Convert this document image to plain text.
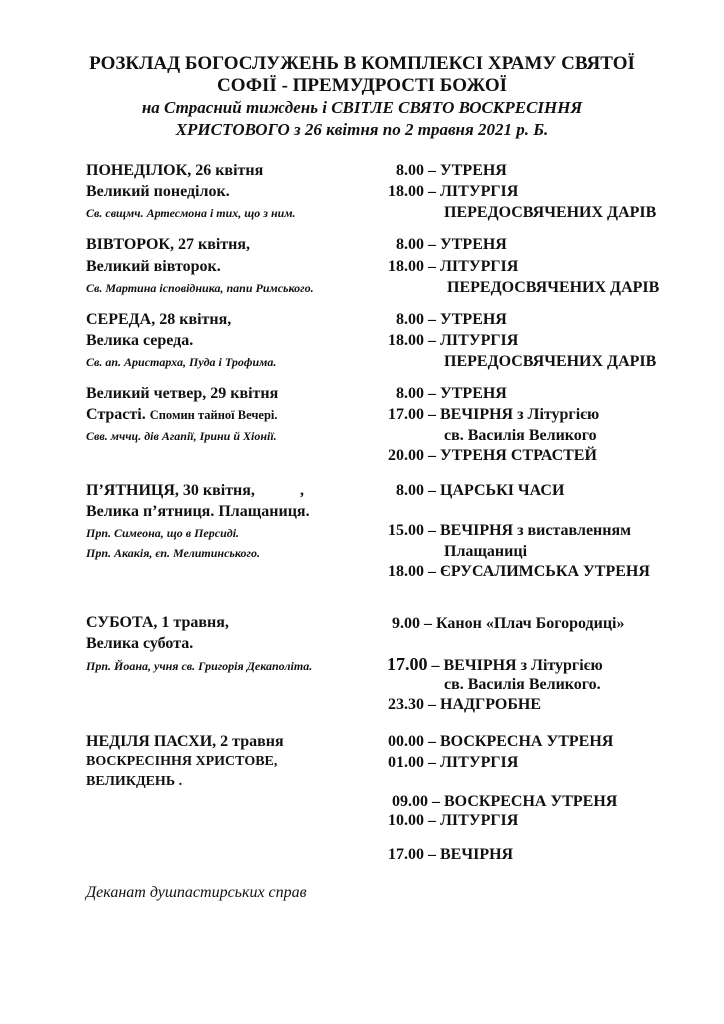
РОЗКЛАД БОГОСЛУЖЕНЬ В КОМПЛЕКСІ ХРАМУ СВЯТОЇ
СОФІЇ - ПРЕМУДРОСТІ БОЖОЇ
на Страсний тиждень і СВІТЛЕ СВЯТО ВОСКРЕСІННЯ
ХРИСТОВОГО з 26 квітня по 2 травня 2021 р. Б.
ПОНЕДІЛОК, 26 квітня
Великий понеділок.
Св. свщмч. Артесмона і тих, що з ним.
8.00 – УТРЕНЯ
18.00 – ЛІТУРГІЯ
ПЕРЕДОСВЯЧЕНИХ ДАРІВ
ВІВТОРОК, 27 квітня,
Великий вівторок.
Св. Мартина ісповідника, папи Римського.
8.00 – УТРЕНЯ
18.00 – ЛІТУРГІЯ
ПЕРЕДОСВЯЧЕНИХ ДАРІВ
СЕРЕДА, 28 квітня,
Велика середа.
Св. ап. Аристарха, Пуда і Трофима.
8.00 – УТРЕНЯ
18.00 – ЛІТУРГІЯ
ПЕРЕДОСВЯЧЕНИХ ДАРІВ
Великий четвер, 29 квітня
Страсті. Спомин тайної Вечері.
Свв. мччц. дів Агапії, Ірини й Хіонії.
8.00 – УТРЕНЯ
17.00 – ВЕЧІРНЯ з Літургією
св. Василія Великого
20.00 – УТРЕНЯ СТРАСТЕЙ
П’ЯТНИЦЯ, 30 квітня,	,
Велика п’ятниця. Плащаниця.
Прп. Симеона, що в Персиді.
Прп. Акакія, єп. Мелитинського.
8.00 – ЦАРСЬКІ ЧАСИ
15.00 – ВЕЧІРНЯ з виставленням
Плащаниці
18.00 – ЄРУСАЛИМСЬКА УТРЕНЯ
СУБОТА, 1 травня,
Велика субота.
Прп. Йоана, учня св. Григорія Декаполіта.
9.00 – Канон «Плач Богородиці»
17.00 – ВЕЧІРНЯ з Літургією
св. Василія Великого.
23.30 – НАДГРОБНЕ
НЕДІЛЯ ПАСХИ, 2 травня
ВОСКРЕСІННЯ ХРИСТОВЕ,
ВЕЛИКДЕНЬ .
00.00 – ВОСКРЕСНА УТРЕНЯ
01.00 – ЛІТУРГІЯ
09.00 – ВОСКРЕСНА УТРЕНЯ
10.00 – ЛІТУРГІЯ
17.00 – ВЕЧІРНЯ
Деканат душпастирських справ
